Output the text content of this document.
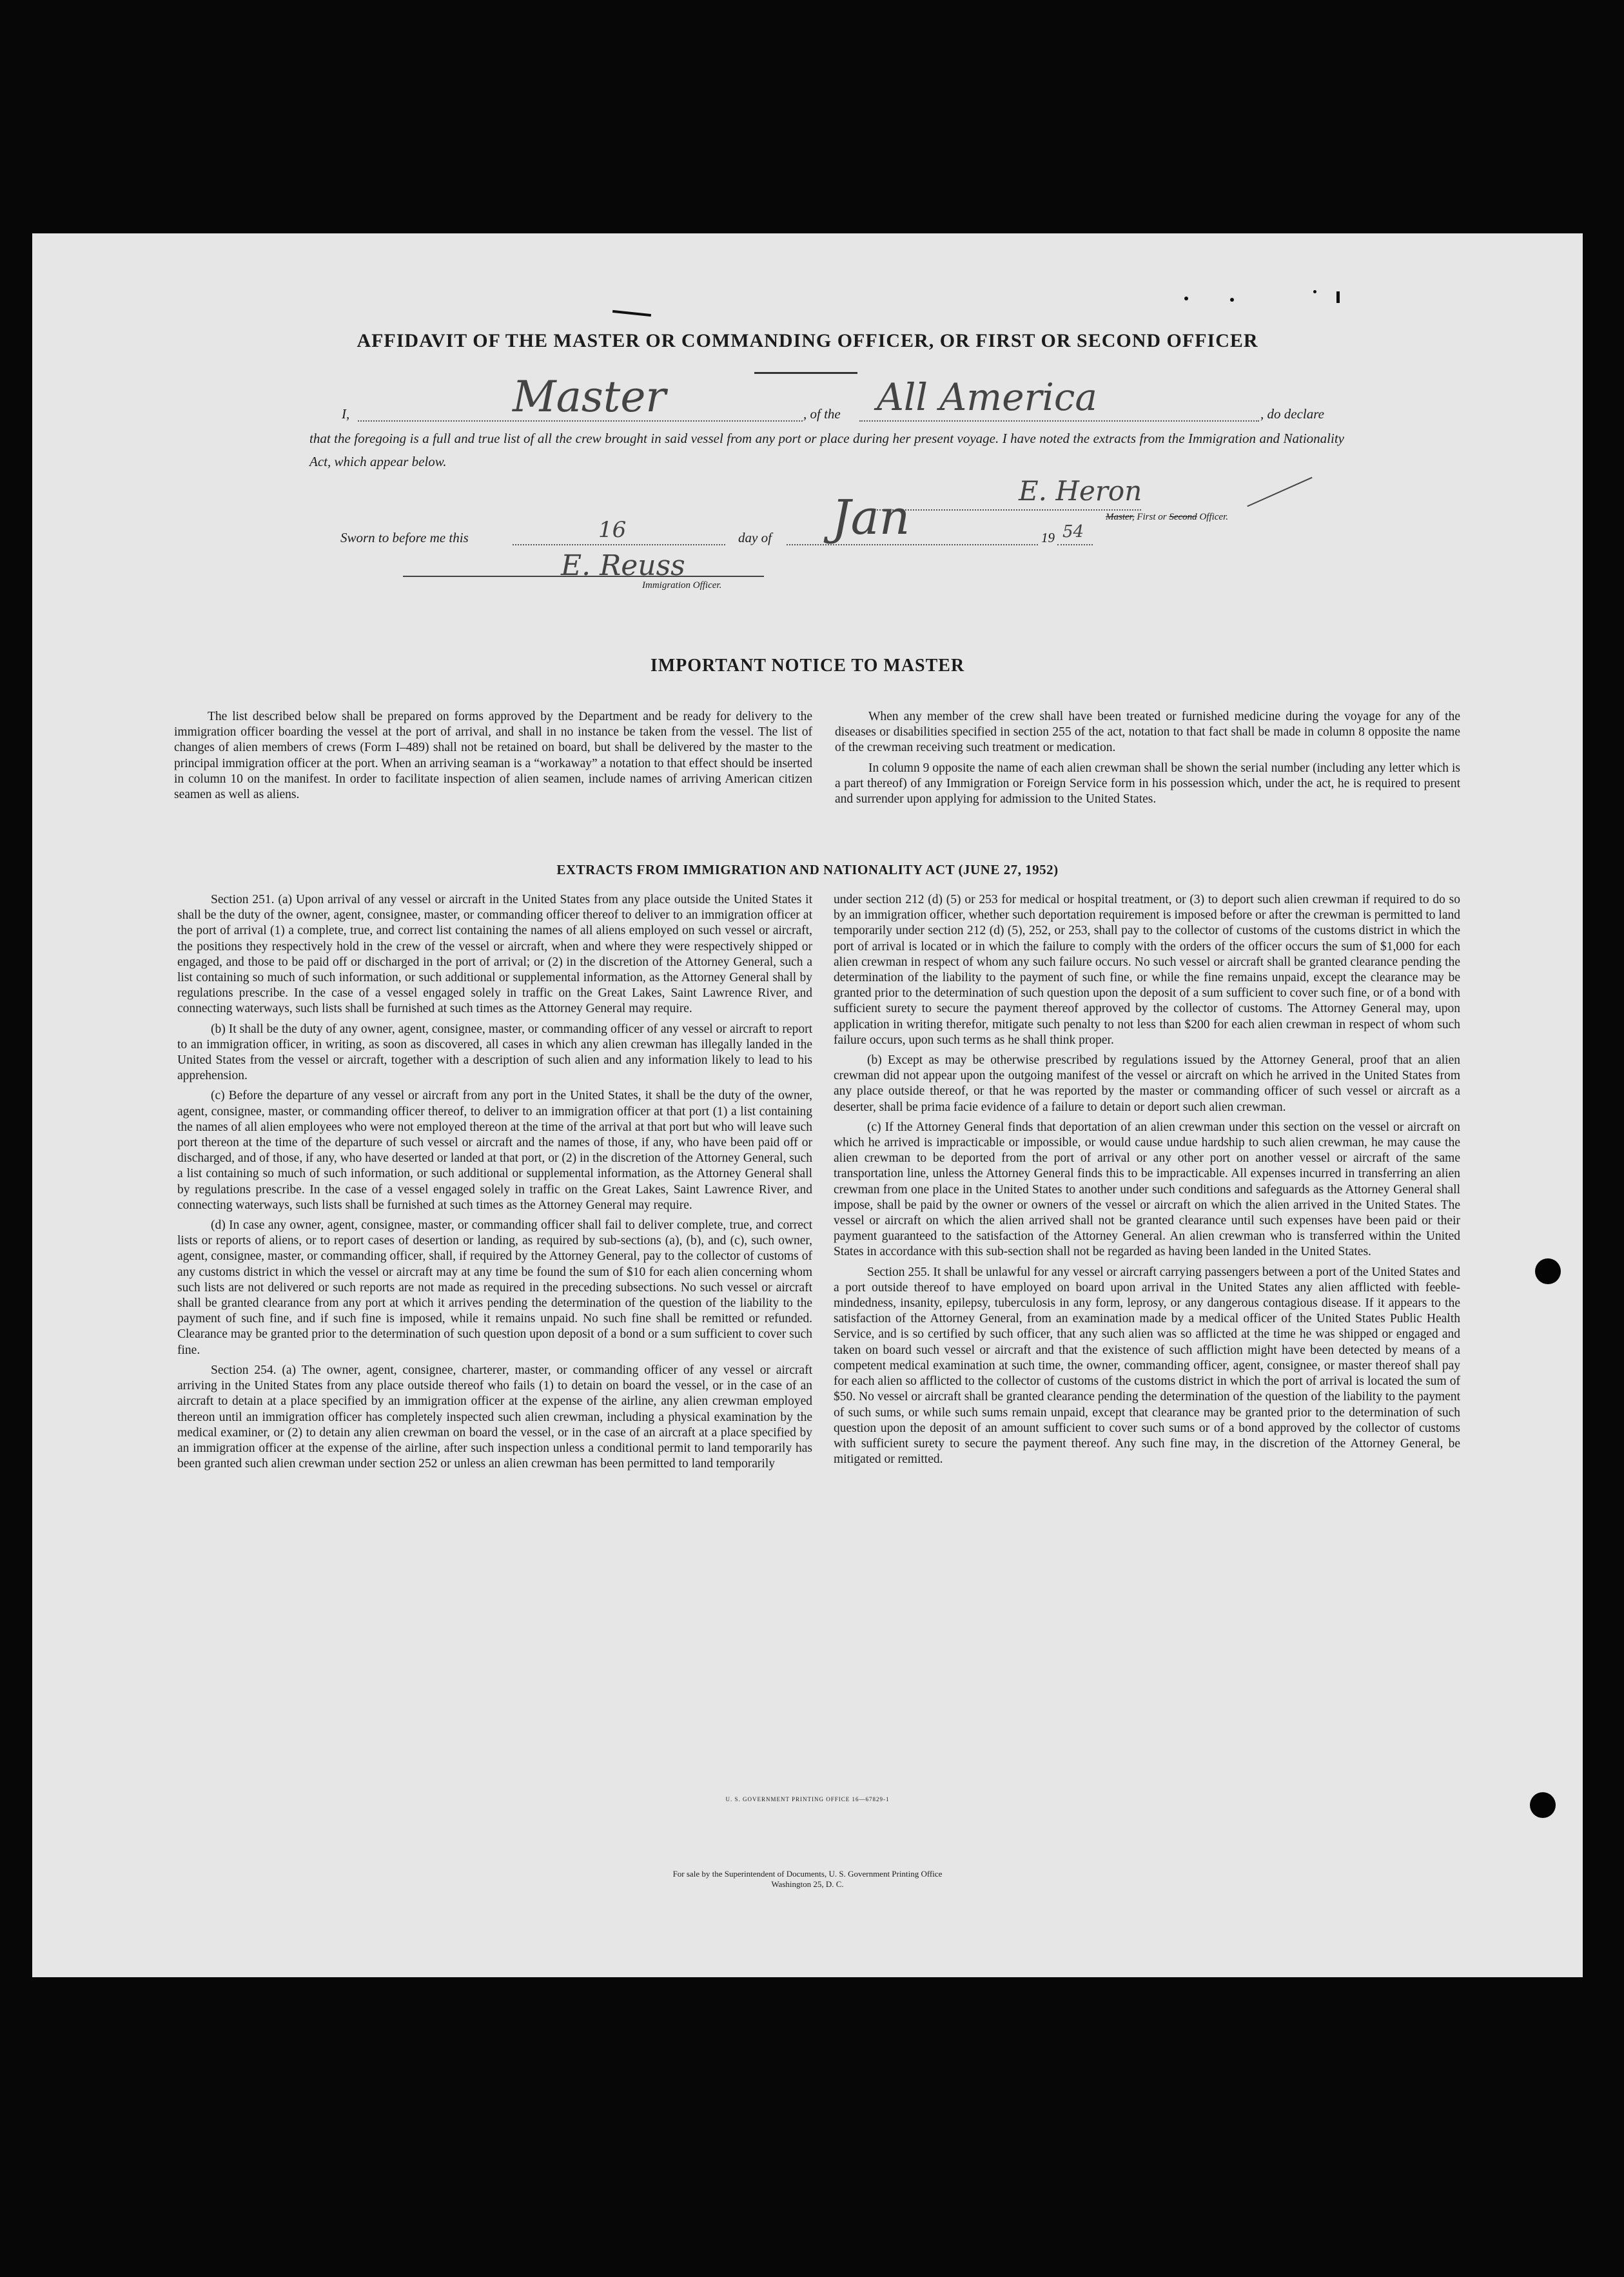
AFFIDAVIT OF THE MASTER OR COMMANDING OFFICER, OR FIRST OR SECOND OFFICER
I,	Master	, of the All America	, do declare
that the foregoing is a full and true list of all the crew brought in said vessel from any port or place during her present voyage. I have noted the extracts from the Immigration and Nationality Act, which appear below.
E. Heron
Master, First or Second Officer.
Sworn to before me this	16	day of Jan	19 54
E. Reuss
Immigration Officer.
IMPORTANT NOTICE TO MASTER

The list described below shall be prepared on forms approved by the Department and be ready for delivery to the immigration officer boarding the vessel at the port of arrival, and shall in no instance be taken from the vessel. The list of changes of alien members of crews (Form I–489) shall not be retained on board, but shall be delivered by the master to the principal immigration officer at the port. When an arriving seaman is a “workaway” a notation to that effect should be inserted in column 10 on the manifest. In order to facilitate inspection of alien seamen, include names of arriving American citizen seamen as well as aliens.

When any member of the crew shall have been treated or furnished medicine during the voyage for any of the diseases or disabilities specified in section 255 of the act, notation to that fact shall be made in column 8 opposite the name of the crewman receiving such treatment or medication.

In column 9 opposite the name of each alien crewman shall be shown the serial number (including any letter which is a part thereof) of any Immigration or Foreign Service form in his possession which, under the act, he is required to present and surrender upon applying for admission to the United States.

EXTRACTS FROM IMMIGRATION AND NATIONALITY ACT (JUNE 27, 1952)

Section 251. (a) Upon arrival of any vessel or aircraft in the United States from any place outside the United States it shall be the duty of the owner, agent, consignee, master, or commanding officer thereof to deliver to an immigration officer at the port of arrival (1) a complete, true, and correct list containing the names of all aliens employed on such vessel or aircraft, the positions they respectively hold in the crew of the vessel or aircraft, when and where they were respectively shipped or engaged, and those to be paid off or discharged in the port of arrival; or (2) in the discretion of the Attorney General, such a list containing so much of such information, or such additional or supplemental information, as the Attorney General shall by regulations prescribe. In the case of a vessel engaged solely in traffic on the Great Lakes, Saint Lawrence River, and connecting waterways, such lists shall be furnished at such times as the Attorney General may require.

(b) It shall be the duty of any owner, agent, consignee, master, or commanding officer of any vessel or aircraft to report to an immigration officer, in writing, as soon as discovered, all cases in which any alien crewman has illegally landed in the United States from the vessel or aircraft, together with a description of such alien and any information likely to lead to his apprehension.

(c) Before the departure of any vessel or aircraft from any port in the United States, it shall be the duty of the owner, agent, consignee, master, or commanding officer thereof, to deliver to an immigration officer at that port (1) a list containing the names of all alien employees who were not employed thereon at the time of the arrival at that port but who will leave such port thereon at the time of the departure of such vessel or aircraft and the names of those, if any, who have been paid off or discharged, and of those, if any, who have deserted or landed at that port, or (2) in the discretion of the Attorney General, such a list containing so much of such information, or such additional or supplemental information, as the Attorney General shall by regulations prescribe. In the case of a vessel engaged solely in traffic on the Great Lakes, Saint Lawrence River, and connecting waterways, such lists shall be furnished at such times as the Attorney General may require.

(d) In case any owner, agent, consignee, master, or commanding officer shall fail to deliver complete, true, and correct lists or reports of aliens, or to report cases of desertion or landing, as required by sub-sections (a), (b), and (c), such owner, agent, consignee, master, or commanding officer, shall, if required by the Attorney General, pay to the collector of customs of any customs district in which the vessel or aircraft may at any time be found the sum of $10 for each alien concerning whom such lists are not delivered or such reports are not made as required in the preceding subsections. No such vessel or aircraft shall be granted clearance from any port at which it arrives pending the determination of the question of the liability to the payment of such fine, and if such fine is imposed, while it remains unpaid. No such fine shall be remitted or refunded. Clearance may be granted prior to the determination of such question upon deposit of a bond or a sum sufficient to cover such fine.

Section 254. (a) The owner, agent, consignee, charterer, master, or commanding officer of any vessel or aircraft arriving in the United States from any place outside thereof who fails (1) to detain on board the vessel, or in the case of an aircraft to detain at a place specified by an immigration officer at the expense of the airline, any alien crewman employed thereon until an immigration officer has completely inspected such alien crewman, including a physical examination by the medical examiner, or (2) to detain any alien crewman on board the vessel, or in the case of an aircraft at a place specified by an immigration officer at the expense of the airline, after such inspection unless a conditional permit to land temporarily has been granted such alien crewman under section 252 or unless an alien crewman has been permitted to land temporarily

under section 212 (d) (5) or 253 for medical or hospital treatment, or (3) to deport such alien crewman if required to do so by an immigration officer, whether such deportation requirement is imposed before or after the crewman is permitted to land temporarily under section 212 (d) (5), 252, or 253, shall pay to the collector of customs of the customs district in which the port of arrival is located or in which the failure to comply with the orders of the officer occurs the sum of $1,000 for each alien crewman in respect of whom any such failure occurs. No such vessel or aircraft shall be granted clearance pending the determination of the liability to the payment of such fine, or while the fine remains unpaid, except the clearance may be granted prior to the determination of such question upon the deposit of a sum sufficient to cover such fine, or of a bond with sufficient surety to secure the payment thereof approved by the collector of customs. The Attorney General may, upon application in writing therefor, mitigate such penalty to not less than $200 for each alien crewman in respect of whom such failure occurs, upon such terms as he shall think proper.

(b) Except as may be otherwise prescribed by regulations issued by the Attorney General, proof that an alien crewman did not appear upon the outgoing manifest of the vessel or aircraft on which he arrived in the United States from any place outside thereof, or that he was reported by the master or commanding officer of such vessel or aircraft as a deserter, shall be prima facie evidence of a failure to detain or deport such alien crewman.

(c) If the Attorney General finds that deportation of an alien crewman under this section on the vessel or aircraft on which he arrived is impracticable or impossible, or would cause undue hardship to such alien crewman, he may cause the alien crewman to be deported from the port of arrival or any other port on another vessel or aircraft of the same transportation line, unless the Attorney General finds this to be impracticable. All expenses incurred in transferring an alien crewman from one place in the United States to another under such conditions and safeguards as the Attorney General shall impose, shall be paid by the owner or owners of the vessel or aircraft on which the alien arrived in the United States. The vessel or aircraft on which the alien arrived shall not be granted clearance until such expenses have been paid or their payment guaranteed to the satisfaction of the Attorney General. An alien crewman who is transferred within the United States in accordance with this sub-section shall not be regarded as having been landed in the United States.

Section 255. It shall be unlawful for any vessel or aircraft carrying passengers between a port of the United States and a port outside thereof to have employed on board upon arrival in the United States any alien afflicted with feeble-mindedness, insanity, epilepsy, tuberculosis in any form, leprosy, or any dangerous contagious disease. If it appears to the satisfaction of the Attorney General, from an examination made by a medical officer of the United States Public Health Service, and is so certified by such officer, that any such alien was so afflicted at the time he was shipped or engaged and taken on board such vessel or aircraft and that the existence of such affliction might have been detected by means of a competent medical examination at such time, the owner, commanding officer, agent, consignee, or master thereof shall pay for each alien so afflicted to the collector of customs of the customs district in which the port of arrival is located the sum of $50. No vessel or aircraft shall be granted clearance pending the determination of the question of the liability to the payment of such sums, or while such sums remain unpaid, except that clearance may be granted prior to the determination of such question upon the deposit of an amount sufficient to cover such sums or of a bond approved by the collector of customs with sufficient surety to secure the payment thereof. Any such fine may, in the discretion of the Attorney General, be mitigated or remitted.

U. S. GOVERNMENT PRINTING OFFICE 16—67829-1
For sale by the Superintendent of Documents, U. S. Government Printing Office
Washington 25, D. C.
